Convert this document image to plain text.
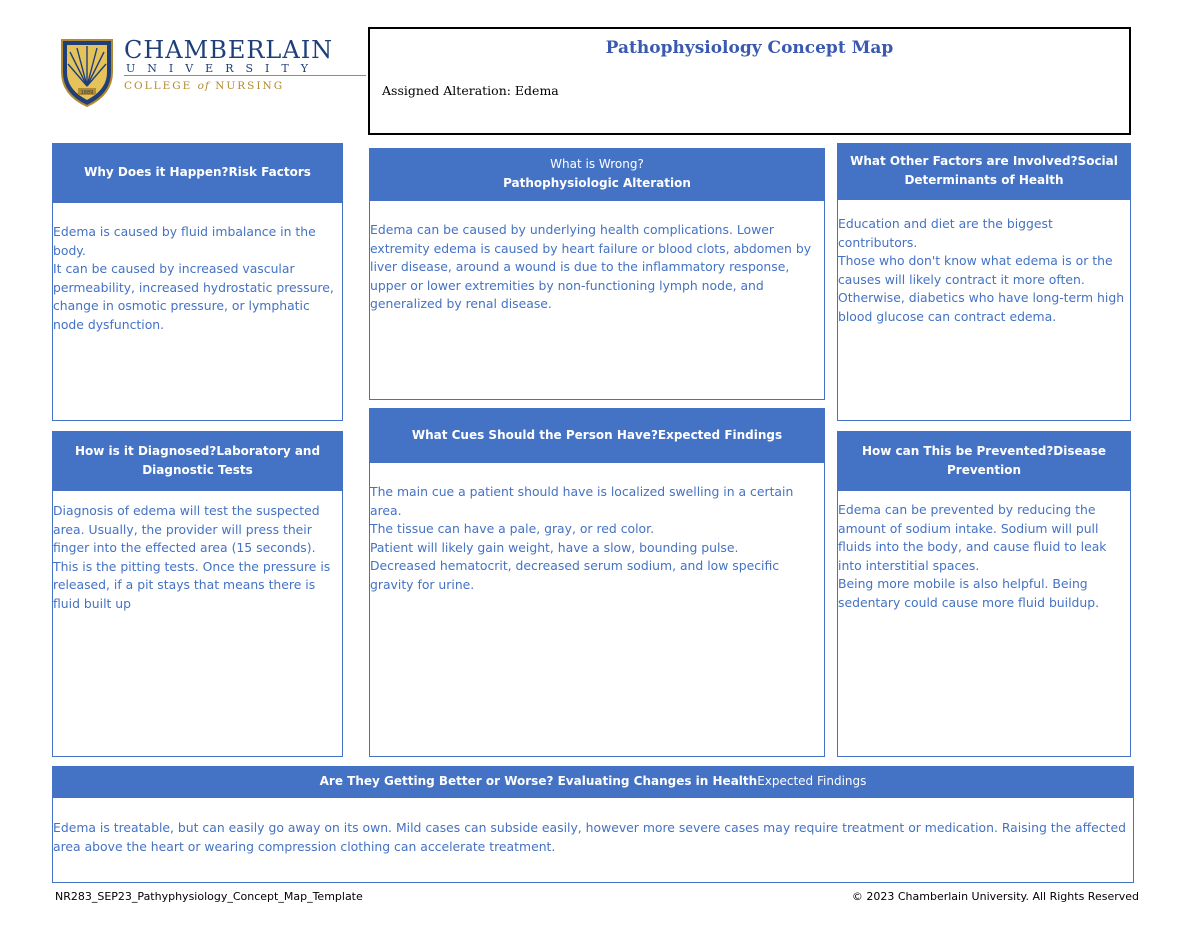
1889
CHAMBERLAIN
UNIVERSITY
COLLEGE of NURSING
Pathophysiology Concept Map
Assigned Alteration: Edema
Why Does it Happen?Risk Factors

Edema is caused by fluid imbalance in the body.
It can be caused by increased vascular permeability, increased hydrostatic pressure, change in osmotic pressure, or lymphatic node dysfunction.

What is Wrong?
Pathophysiologic Alteration

Edema can be caused by underlying health complications. Lower extremity edema is caused by heart failure or blood clots, abdomen by liver disease, around a wound is due to the inflammatory response, upper or lower extremities by non-functioning lymph node, and generalized by renal disease.

What Other Factors are Involved?Social Determinants of Health

Education and diet are the biggest contributors.
Those who don't know what edema is or the causes will likely contract it more often.
Otherwise, diabetics who have long-term high blood glucose can contract edema.

How is it Diagnosed?Laboratory and Diagnostic Tests

Diagnosis of edema will test the suspected area. Usually, the provider will press their finger into the effected area (15 seconds). This is the pitting tests. Once the pressure is released, if a pit stays that means there is fluid built up

What Cues Should the Person Have?Expected Findings

The main cue a patient should have is localized swelling in a certain area.
The tissue can have a pale, gray, or red color.
Patient will likely gain weight, have a slow, bounding pulse.
Decreased hematocrit, decreased serum sodium, and low specific gravity for urine.

How can This be Prevented?Disease Prevention

Edema can be prevented by reducing the amount of sodium intake. Sodium will pull fluids into the body, and cause fluid to leak into interstitial spaces.
Being more mobile is also helpful. Being sedentary could cause more fluid buildup.

Are They Getting Better or Worse? Evaluating Changes in Health Expected Findings

Edema is treatable, but can easily go away on its own. Mild cases can subside easily, however more severe cases may require treatment or medication. Raising the affected area above the heart or wearing compression clothing can accelerate treatment.

NR283_SEP23_Pathyphysiology_Concept_Map_Template	© 2023 Chamberlain University. All Rights Reserved
